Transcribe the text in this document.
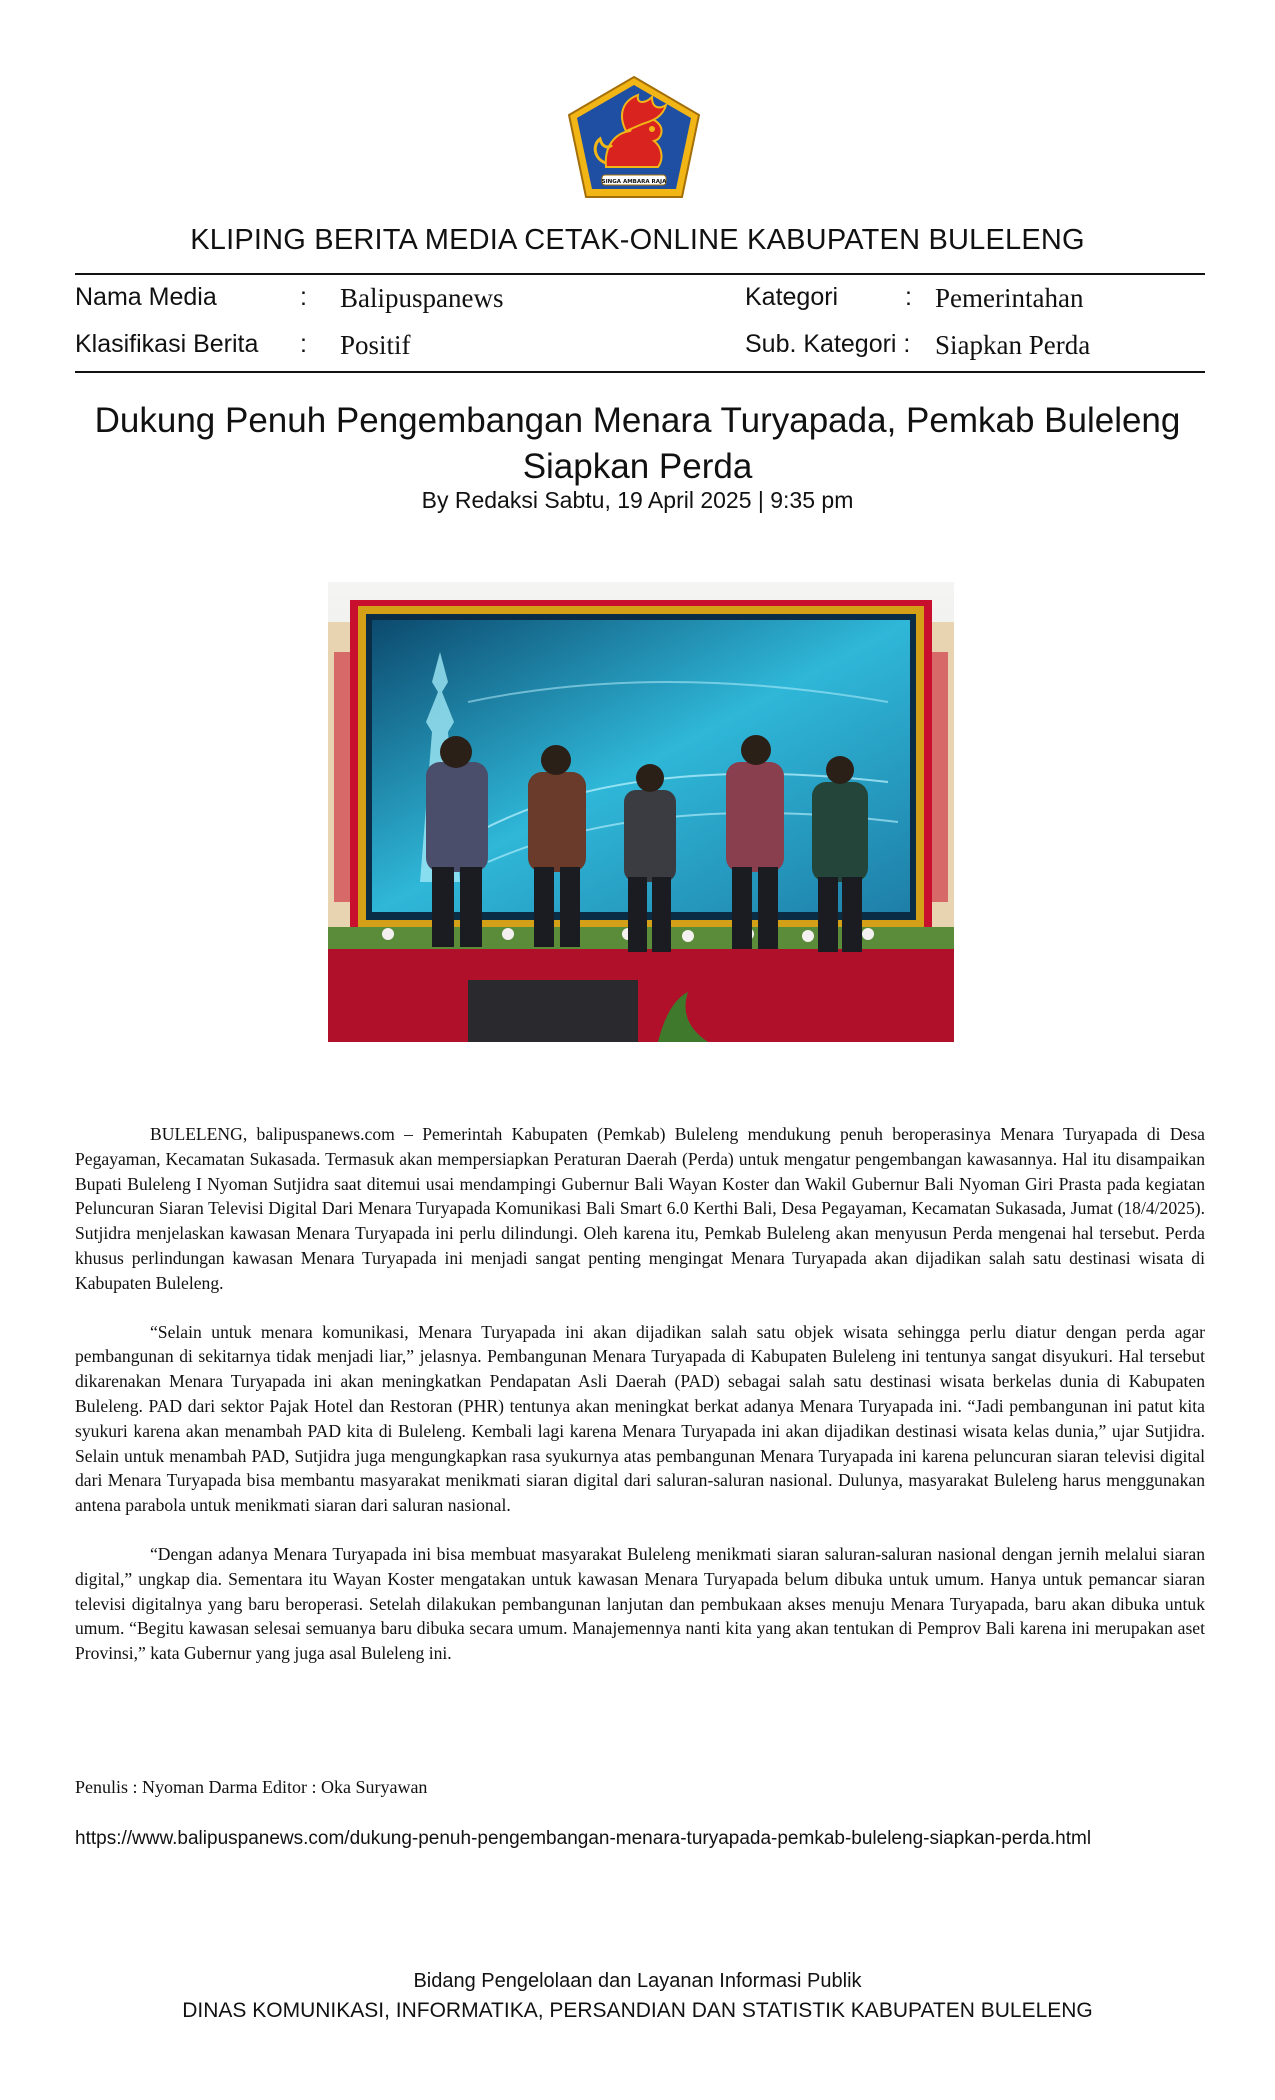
SINGA AMBARA RAJA
KLIPING BERITA MEDIA CETAK-ONLINE KABUPATEN BULELENG
Nama Media	: Balipuspanews	Kategori	: Pemerintahan
Klasifikasi Berita : Positif	Sub. Kategori : Siapkan Perda
Dukung Penuh Pengembangan Menara Turyapada, Pemkab Buleleng Siapkan Perda
By Redaksi Sabtu, 19 April 2025 | 9:35 pm

BULELENG, balipuspanews.com – Pemerintah Kabupaten (Pemkab) Buleleng mendukung penuh beroperasinya Menara Turyapada di Desa Pegayaman, Kecamatan Sukasada. Termasuk akan mempersiapkan Peraturan Daerah (Perda) untuk mengatur pengembangan kawasannya. Hal itu disampaikan Bupati Buleleng I Nyoman Sutjidra saat ditemui usai mendampingi Gubernur Bali Wayan Koster dan Wakil Gubernur Bali Nyoman Giri Prasta pada kegiatan Peluncuran Siaran Televisi Digital Dari Menara Turyapada Komunikasi Bali Smart 6.0 Kerthi Bali, Desa Pegayaman, Kecamatan Sukasada, Jumat (18/4/2025). Sutjidra menjelaskan kawasan Menara Turyapada ini perlu dilindungi. Oleh karena itu, Pemkab Buleleng akan menyusun Perda mengenai hal tersebut. Perda khusus perlindungan kawasan Menara Turyapada ini menjadi sangat penting mengingat Menara Turyapada akan dijadikan salah satu destinasi wisata di Kabupaten Buleleng.

“Selain untuk menara komunikasi, Menara Turyapada ini akan dijadikan salah satu objek wisata sehingga perlu diatur dengan perda agar pembangunan di sekitarnya tidak menjadi liar,” jelasnya. Pembangunan Menara Turyapada di Kabupaten Buleleng ini tentunya sangat disyukuri. Hal tersebut dikarenakan Menara Turyapada ini akan meningkatkan Pendapatan Asli Daerah (PAD) sebagai salah satu destinasi wisata berkelas dunia di Kabupaten Buleleng. PAD dari sektor Pajak Hotel dan Restoran (PHR) tentunya akan meningkat berkat adanya Menara Turyapada ini. “Jadi pembangunan ini patut kita syukuri karena akan menambah PAD kita di Buleleng. Kembali lagi karena Menara Turyapada ini akan dijadikan destinasi wisata kelas dunia,” ujar Sutjidra. Selain untuk menambah PAD, Sutjidra juga mengungkapkan rasa syukurnya atas pembangunan Menara Turyapada ini karena peluncuran siaran televisi digital dari Menara Turyapada bisa membantu masyarakat menikmati siaran digital dari saluran-saluran nasional. Dulunya, masyarakat Buleleng harus menggunakan antena parabola untuk menikmati siaran dari saluran nasional.

“Dengan adanya Menara Turyapada ini bisa membuat masyarakat Buleleng menikmati siaran saluran-saluran nasional dengan jernih melalui siaran digital,” ungkap dia. Sementara itu Wayan Koster mengatakan untuk kawasan Menara Turyapada belum dibuka untuk umum. Hanya untuk pemancar siaran televisi digitalnya yang baru beroperasi. Setelah dilakukan pembangunan lanjutan dan pembukaan akses menuju Menara Turyapada, baru akan dibuka untuk umum. “Begitu kawasan selesai semuanya baru dibuka secara umum. Manajemennya nanti kita yang akan tentukan di Pemprov Bali karena ini merupakan aset Provinsi,” kata Gubernur yang juga asal Buleleng ini.

Penulis : Nyoman Darma Editor : Oka Suryawan
https://www.balipuspanews.com/dukung-penuh-pengembangan-menara-turyapada-pemkab-buleleng-siapkan-perda.html
Bidang Pengelolaan dan Layanan Informasi Publik
DINAS KOMUNIKASI, INFORMATIKA, PERSANDIAN DAN STATISTIK KABUPATEN BULELENG
